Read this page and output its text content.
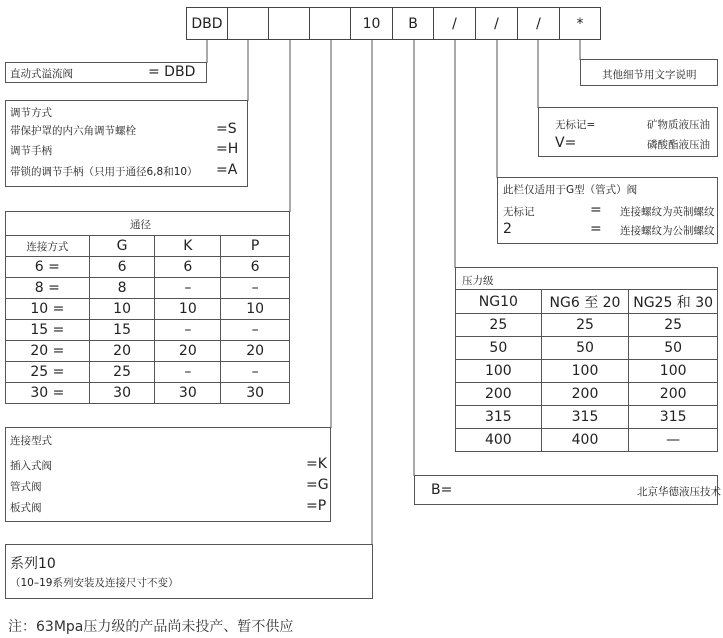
DBD	10 B /	/	/	*
直动式溢流阀	= DBD
调节方式
带保护罩的内六角调节螺栓	=S
调节手柄	=H
带锁的调节手柄（只用于通径6,8和10） =A
通径
连接方式	G	K	P
6 =	6	6	6
8 =	8	–	–
10 =	10	10	10
15 =	15	–	–
20 =	20	20	20
25 =	25	–	–
30 =	30	30	30
连接型式
插入式阀	=K
管式阀	=G
板式阀	=P
系列10
（10–19系列安装及连接尺寸不变）
其他细节用文字说明
无标记=	矿物质液压油
V=	磷酸酯液压油
此栏仅适用于G型（管式）阀
无标记	= 连接螺纹为英制螺纹
2	= 连接螺纹为公制螺纹
压力级
NG10	NG6 至 20	NG25 和 30
25	25	25
50	50	50
100	100	100
200	200	200
315	315	315
400	400	—
B=	北京华德液压技术
注：63Mpa压力级的产品尚未投产、暂不供应
